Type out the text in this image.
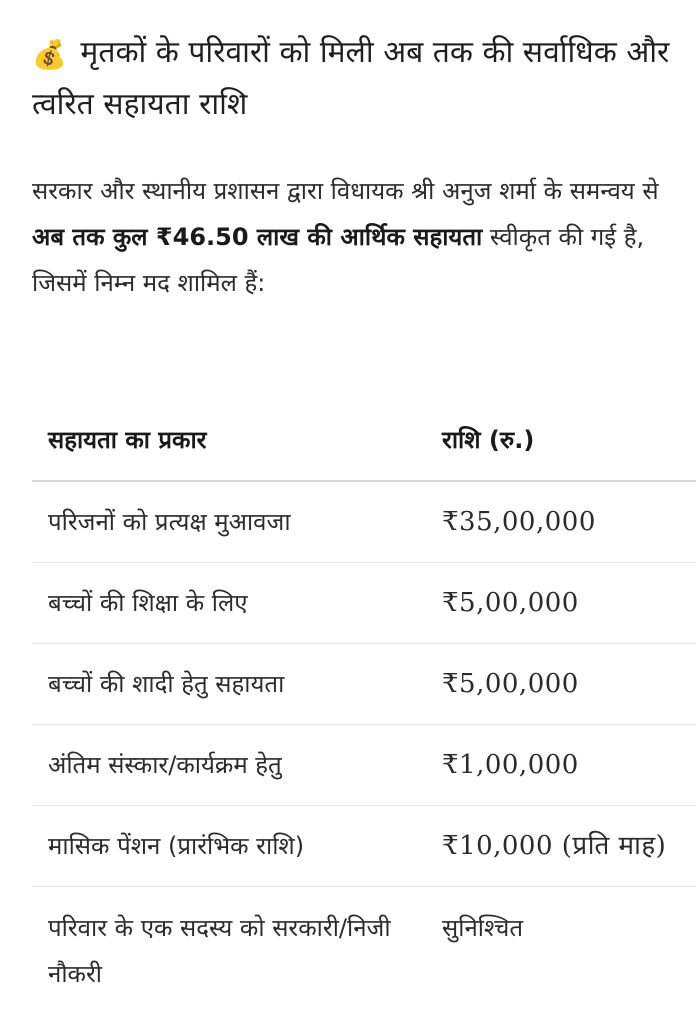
💰 मृतकों के परिवारों को मिली अब तक की सर्वाधिक और त्वरित सहायता राशि

सरकार और स्थानीय प्रशासन द्वारा विधायक श्री अनुज शर्मा के समन्वय से अब तक कुल ₹46.50 लाख की आर्थिक सहायता स्वीकृत की गई है, जिसमें निम्न मद शामिल हैं:

सहायता का प्रकार	राशि (रु.)
परिजनों को प्रत्यक्ष मुआवजा	₹35,00,000
बच्चों की शिक्षा के लिए	₹5,00,000
बच्चों की शादी हेतु सहायता	₹5,00,000
अंतिम संस्कार/कार्यक्रम हेतु	₹1,00,000
मासिक पेंशन (प्रारंभिक राशि)	₹10,000 (प्रति माह)
परिवार के एक सदस्य को सरकारी/निजी नौकरी	सुनिश्चित
